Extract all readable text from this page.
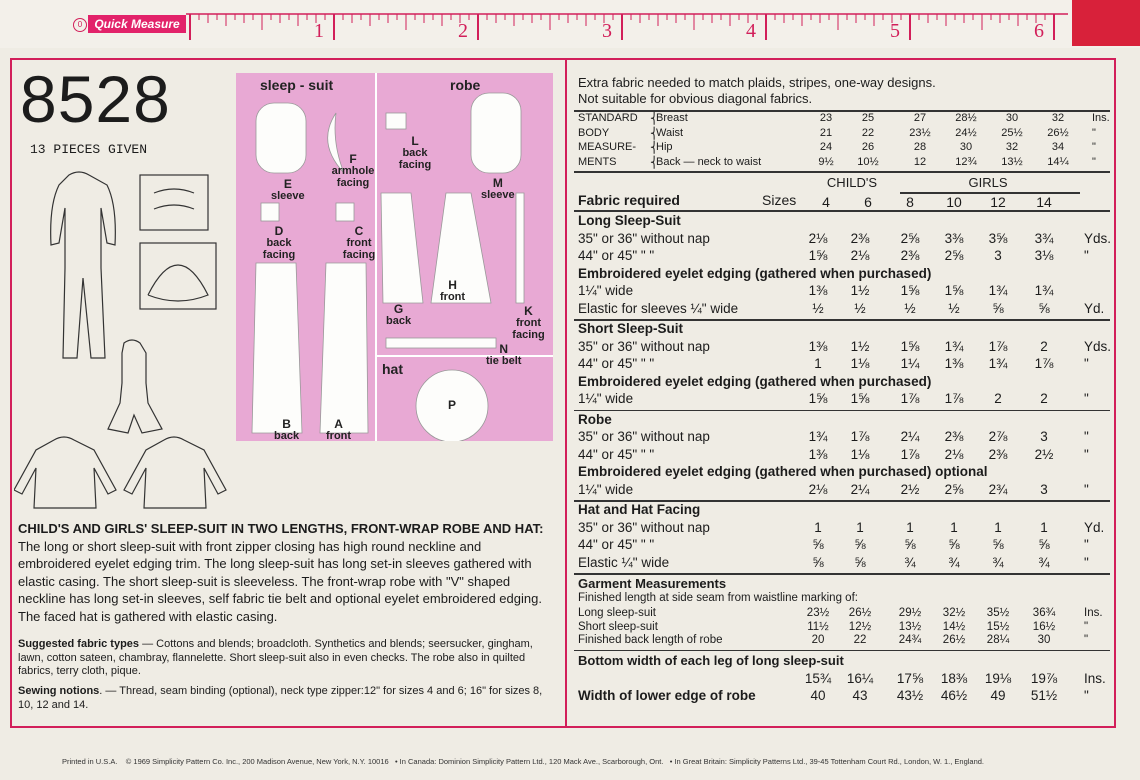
Quick Measure
0	1	2	3	4	5	6
8528
13 PIECES GIVEN
sleep - suit	robe
hat
E
sleeve
F
armhole facing
L
back facing
M
sleeve
D
back facing
C
front facing
G
back
H
front
K
front facing
N
tie belt
B
back
A
front
P
CHILD'S AND GIRLS' SLEEP-SUIT IN TWO LENGTHS, FRONT-WRAP ROBE AND HAT: The long or short sleep-suit with front zipper closing has high round neckline and embroidered eyelet edging trim. The long sleep-suit has long set-in sleeves gathered with elastic casing. The short sleep-suit is sleeveless. The front-wrap robe with "V" shaped neckline has long set-in sleeves, self fabric tie belt and optional eyelet embroidered edging. The faced hat is gathered with elastic casing.
Suggested fabric types — Cottons and blends; broadcloth. Synthetics and blends; seersucker, gingham, lawn, cotton sateen, chambray, flannelette. Short sleep-suit also in even checks. The robe also in quilted fabrics, terry cloth, pique.
Sewing notions. — Thread, seam binding (optional), neck type zipper:12" for sizes 4 and 6; 16" for sizes 8, 10, 12 and 14.
Printed in U.S.A. © 1969 Simplicity Pattern Co. Inc., 200 Madison Avenue, New York, N.Y. 10016 • In Canada: Dominion Simplicity Pattern Ltd., 120 Mack Ave., Scarborough, Ont. • In Great Britain: Simplicity Patterns Ltd., 39-45 Tottenham Court Rd., London, W. 1., England.
Extra fabric needed to match plaids, stripes, one-way designs.
Not suitable for obvious diagonal fabrics.
STANDARD
BODY
MEASURE-
MENTS
⎨
Breast	23	25	27	28½	30	32	Ins.
⎨
Waist	21	22	23½ 24½ 25½ 26½ "
⎨
Hip	24	26	28	30	32	34	"
⎨
Back — neck to waist	9½ 10½	12	12¾ 13½ 14¼ "
CHILD'S	GIRLS
Fabric required	Sizes 4 6 8 10 12 14
Long Sleep-Suit
35" or 36" without nap	2⅛ 2⅜ 2⅝ 3⅜ 3⅝ 3¾ Yds.
44" or 45" " "	1⅝ 2⅛ 2⅜ 2⅝ 3 3⅛ "
Embroidered eyelet edging (gathered when purchased)
1¼" wide	1⅜ 1½ 1⅝ 1⅝ 1¾ 1¾
Elastic for sleeves ¼" wide	½ ½	½ ½ ⅝	⅝	Yd.
Short Sleep-Suit
35" or 36" without nap	1⅜ 1½ 1⅝ 1¾ 1⅞ 2	Yds.
44" or 45" " "	1 1⅛ 1¼ 1⅜ 1¾ 1⅞ "
Embroidered eyelet edging (gathered when purchased)
1¼" wide	1⅝ 1⅝ 1⅞ 1⅞ 2	2	"
Robe
35" or 36" without nap	1¾ 1⅞ 2¼ 2⅜ 2⅞ 3	"
44" or 45" " "	1⅜ 1⅛ 1⅞ 2⅛ 2⅜ 2½ "
Embroidered eyelet edging (gathered when purchased) optional
1¼" wide	2⅛ 2¼ 2½ 2⅝ 2¾ 3	"
Hat and Hat Facing
35" or 36" without nap	1	1	1	1	1	1	Yd.
44" or 45" " "	⅝ ⅝	⅝ ⅝ ⅝	⅝	"
Elastic ¼" wide	⅝ ⅝	¾ ¾ ¾	¾	"
Garment Measurements
Finished length at side seam from waistline marking of:
Long sleep-suit	23½ 26½ 29½ 32½ 35½ 36¾	Ins.
Short sleep-suit	11½ 12½ 13½ 14½ 15½ 16½	"
Finished back length of robe	20	22	24¾ 26½ 28¼ 30	"
Bottom width of each leg of long sleep-suit
15¾ 16¼ 17⅝ 18⅜ 19⅛ 19⅞ Ins.
Width of lower edge of robe	40 43 43½ 46½ 49 51½ "
